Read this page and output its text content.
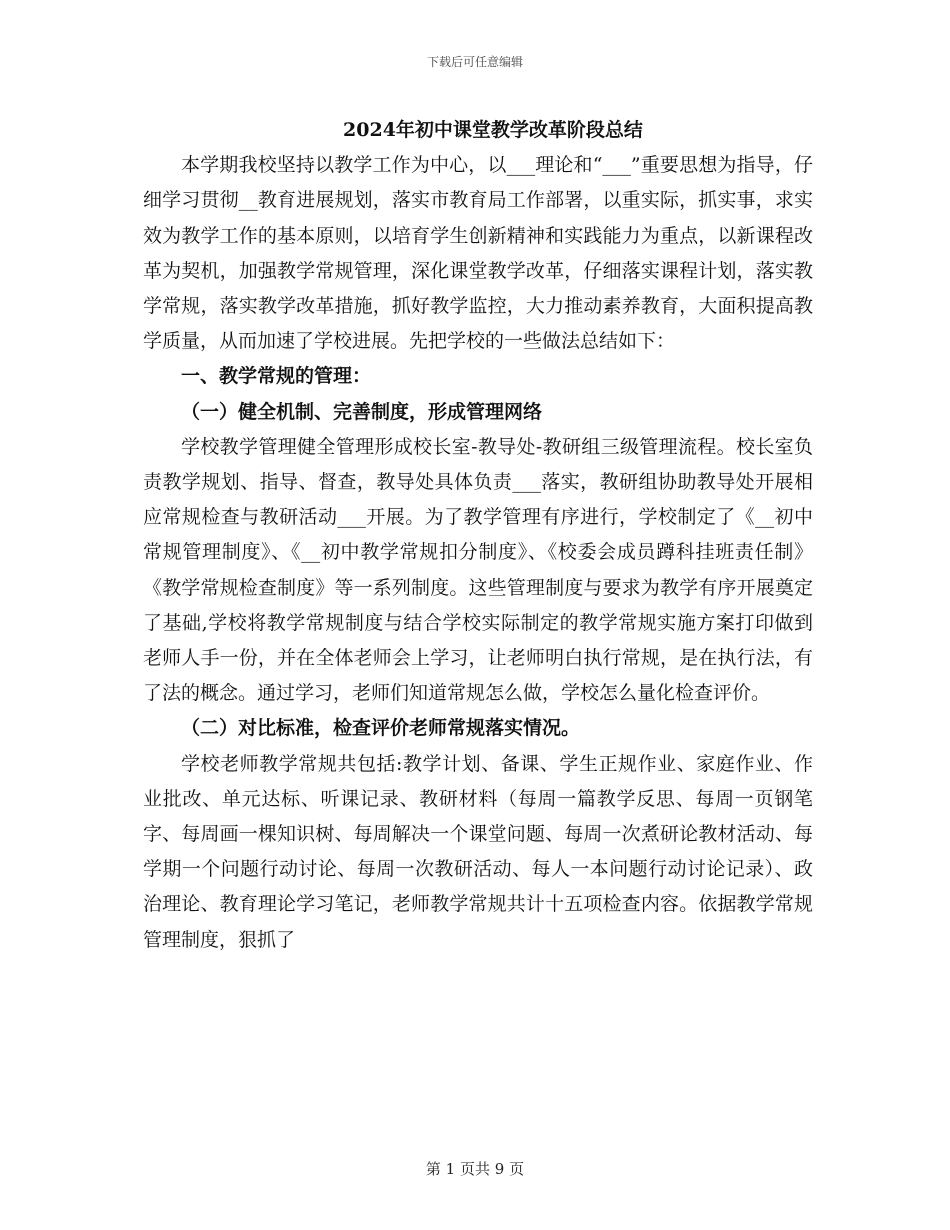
下载后可任意编辑

2024年初中课堂教学改革阶段总结

本学期我校坚持以教学工作为中心，以___理论和“___”重要思想为指导，仔细学习贯彻__教育进展规划，落实市教育局工作部署，以重实际，抓实事，求实效为教学工作的基本原则，以培育学生创新精神和实践能力为重点，以新课程改革为契机，加强教学常规管理，深化课堂教学改革，仔细落实课程计划，落实教学常规，落实教学改革措施，抓好教学监控，大力推动素养教育，大面积提高教学质量，从而加速了学校进展。先把学校的一些做法总结如下：

一、教学常规的管理：

（一）健全机制、完善制度，形成管理网络

学校教学管理健全管理形成校长室-教导处-教研组三级管理流程。校长室负责教学规划、指导、督查，教导处具体负责___落实，教研组协助教导处开展相应常规检查与教研活动___开展。为了教学管理有序进行，学校制定了《__初中常规管理制度》、《__初中教学常规扣分制度》、《校委会成员蹲科挂班责任制》《教学常规检查制度》等一系列制度。这些管理制度与要求为教学有序开展奠定了基础,学校将教学常规制度与结合学校实际制定的教学常规实施方案打印做到老师人手一份，并在全体老师会上学习，让老师明白执行常规，是在执行法，有了法的概念。通过学习，老师们知道常规怎么做，学校怎么量化检查评价。

（二）对比标准，检查评价老师常规落实情况。

学校老师教学常规共包括:教学计划、备课、学生正规作业、家庭作业、作业批改、单元达标、听课记录、教研材料（每周一篇教学反思、每周一页钢笔字、每周画一棵知识树、每周解决一个课堂问题、每周一次煮研论教材活动、每学期一个问题行动讨论、每周一次教研活动、每人一本问题行动讨论记录）、政治理论、教育理论学习笔记，老师教学常规共计十五项检查内容。依据教学常规管理制度，狠抓了

第 1 页共 9 页
